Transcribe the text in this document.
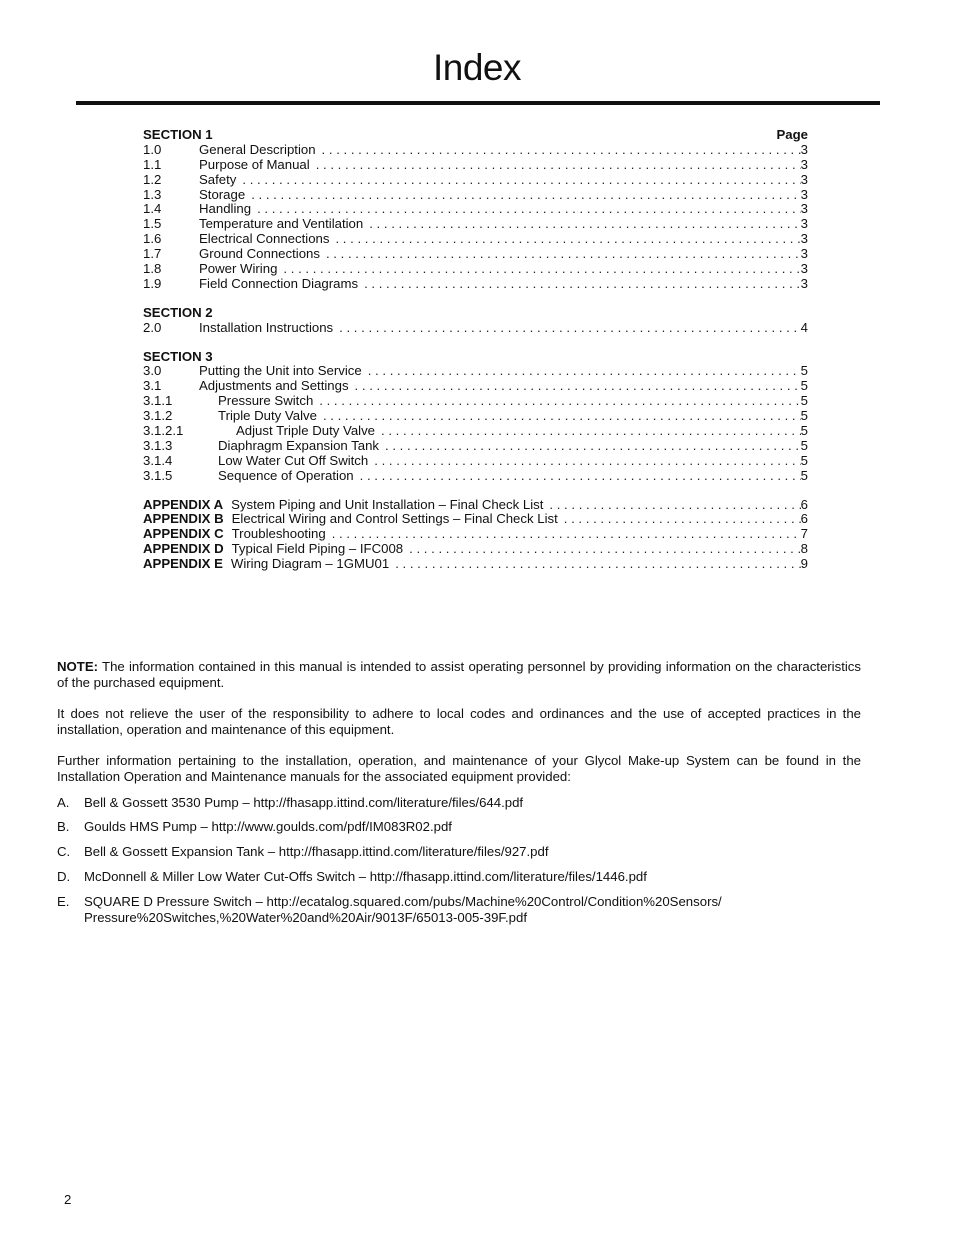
Index
SECTION 1	Page
1.0	General Description . . .	3
1.1	Purpose of Manual . . .	3
1.2	Safety . . .	3
1.3	Storage . . .	3
1.4	Handling . . .	3
1.5	Temperature and Ventilation . . .	3
1.6	Electrical Connections . . .	3
1.7	Ground Connections . . .	3
1.8	Power Wiring . . .	3
1.9	Field Connection Diagrams . . .	3
SECTION 2
2.0	Installation Instructions . . .	4
SECTION 3
3.0	Putting the Unit into Service . . .	5
3.1	Adjustments and Settings . . .	5
3.1.1	Pressure Switch . . .	5
3.1.2	Triple Duty Valve . . .	5
3.1.2.1	Adjust Triple Duty Valve . . .	5
3.1.3	Diaphragm Expansion Tank . . .	5
3.1.4	Low Water Cut Off Switch . . .	5
3.1.5	Sequence of Operation . . .	5
APPENDIX A System Piping and Unit Installation – Final Check List . . .	6
APPENDIX B Electrical Wiring and Control Settings – Final Check List . . .	6
APPENDIX C Troubleshooting . . .	7
APPENDIX D Typical Field Piping – IFC008 . . .	8
APPENDIX E Wiring Diagram – 1GMU01 . . .	9

NOTE: The information contained in this manual is intended to assist operating personnel by providing information on the characteristics of the purchased equipment.

It does not relieve the user of the responsibility to adhere to local codes and ordinances and the use of accepted practices in the installation, operation and maintenance of this equipment.

Further information pertaining to the installation, operation, and maintenance of your Glycol Make-up System can be found in the Installation Operation and Maintenance manuals for the associated equipment provided:

A.	Bell & Gossett 3530 Pump – http://fhasapp.ittind.com/literature/files/644.pdf
B.	Goulds HMS Pump – http://www.goulds.com/pdf/IM083R02.pdf
C.	Bell & Gossett Expansion Tank – http://fhasapp.ittind.com/literature/files/927.pdf
D.	McDonnell & Miller Low Water Cut-Offs Switch – http://fhasapp.ittind.com/literature/files/1446.pdf
E.	SQUARE D Pressure Switch – http://ecatalog.squared.com/pubs/Machine%20Control/Condition%20Sensors/ Pressure%20Switches,%20Water%20and%20Air/9013F/65013-005-39F.pdf
2
